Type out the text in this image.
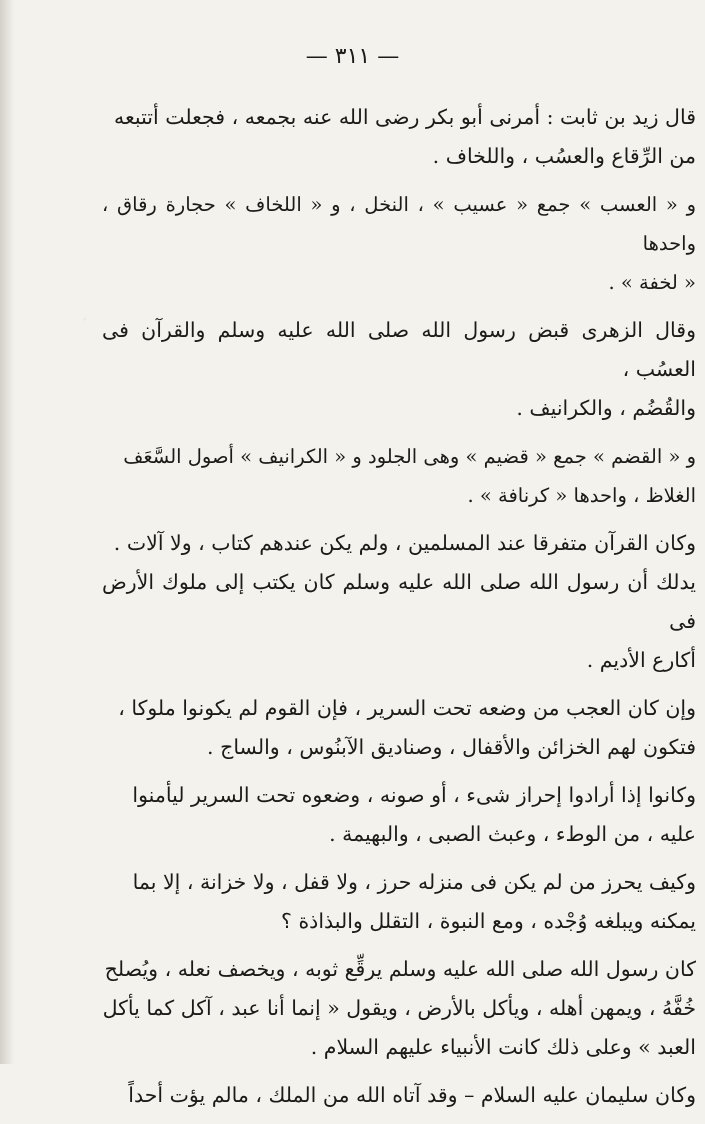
— ٣١١ —

قال زيد بن ثابت : أمرنى أبو بكر رضى الله عنه بجمعه ، فجعلت أتتبعه
من الرِّقاع والعسُب ، واللخاف .

و « العسب » جمع « عسيب » ، النخل ، و « اللخاف » حجارة رقاق ، واحدها
« لخفة » .

وقال الزهرى قبض رسول الله صلى الله عليه وسلم والقرآن فى العسُب ،
والقُضُم ، والكرانيف .

و « القضم » جمع « قضيم » وهى الجلود و « الكرانيف » أصول السَّعَف
الغلاظ ، واحدها « كرنافة » .

وكان القرآن متفرقا عند المسلمين ، ولم يكن عندهم كتاب ، ولا آلات .
يدلك أن رسول الله صلى الله عليه وسلم كان يكتب إلى ملوك الأرض فى
أكارع الأديم .

وإن كان العجب من وضعه تحت السرير ، فإن القوم لم يكونوا ملوكا ،
فتكون لهم الخزائن والأقفال ، وصناديق الآبنُوس ، والساج .

وكانوا إذا أرادوا إحراز شىء ، أو صونه ، وضعوه تحت السرير ليأمنوا
عليه ، من الوطء ، وعبث الصبى ، والبهيمة .

وكيف يحرز من لم يكن فى منزله حرز ، ولا قفل ، ولا خزانة ، إلا بما
يمكنه ويبلغه وُجْده ، ومع النبوة ، التقلل والبذاذة ؟

كان رسول الله صلى الله عليه وسلم يرقِّع ثوبه ، ويخصف نعله ، ويُصلح
خُفَّهُ ، ويمهن أهله ، ويأكل بالأرض ، ويقول « إنما أنا عبد ، آكل كما يأكل
العبد » وعلى ذلك كانت الأنبياء عليهم السلام .

وكان سليمان عليه السلام – وقد آتاه الله من الملك ، مالم يؤت أحداً
